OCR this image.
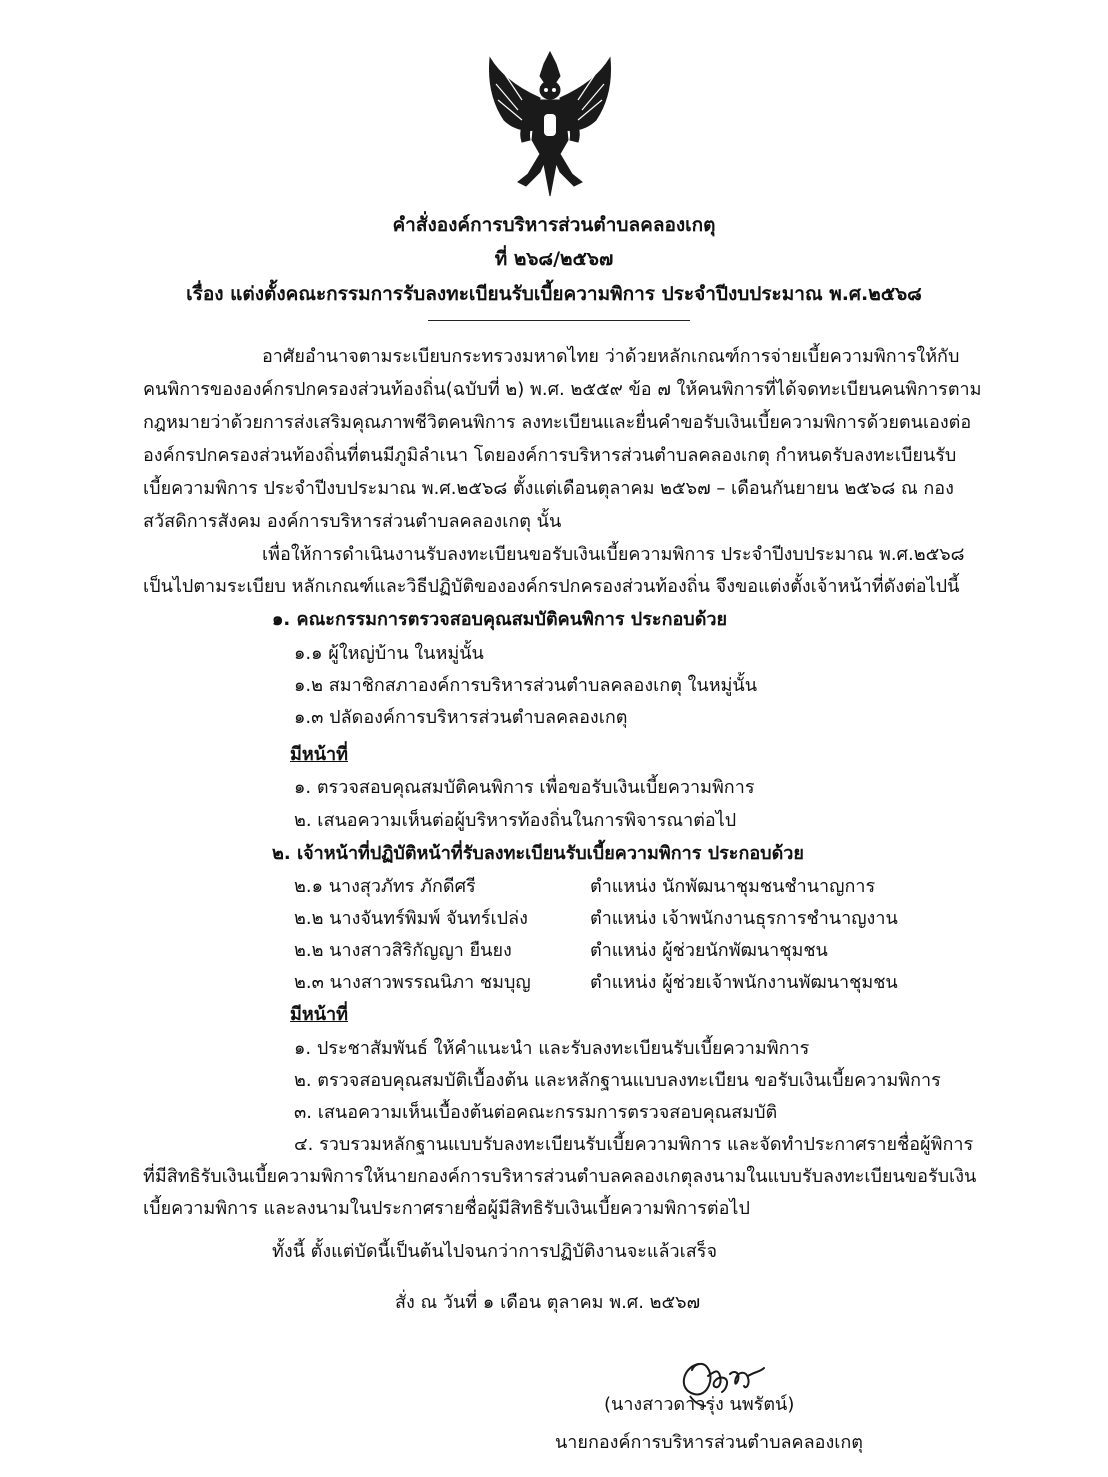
คำสั่งองค์การบริหารส่วนตำบลคลองเกตุ
ที่ ๒๖๘/๒๕๖๗
เรื่อง แต่งตั้งคณะกรรมการรับลงทะเบียนรับเบี้ยความพิการ ประจำปีงบประมาณ พ.ศ.๒๕๖๘
อาศัยอำนาจตามระเบียบกระทรวงมหาดไทย ว่าด้วยหลักเกณฑ์การจ่ายเบี้ยความพิการให้กับ
คนพิการขององค์กรปกครองส่วนท้องถิ่น(ฉบับที่ ๒) พ.ศ. ๒๕๕๙ ข้อ ๗ ให้คนพิการที่ได้จดทะเบียนคนพิการตาม
กฎหมายว่าด้วยการส่งเสริมคุณภาพชีวิตคนพิการ ลงทะเบียนและยื่นคำขอรับเงินเบี้ยความพิการด้วยตนเองต่อ
องค์กรปกครองส่วนท้องถิ่นที่ตนมีภูมิลำเนา โดยองค์การบริหารส่วนตำบลคลองเกตุ กำหนดรับลงทะเบียนรับ
เบี้ยความพิการ ประจำปีงบประมาณ พ.ศ.๒๕๖๘ ตั้งแต่เดือนตุลาคม ๒๕๖๗ – เดือนกันยายน ๒๕๖๘ ณ กอง
สวัสดิการสังคม องค์การบริหารส่วนตำบลคลองเกตุ นั้น
เพื่อให้การดำเนินงานรับลงทะเบียนขอรับเงินเบี้ยความพิการ ประจำปีงบประมาณ พ.ศ.๒๕๖๘
เป็นไปตามระเบียบ หลักเกณฑ์และวิธีปฏิบัติขององค์กรปกครองส่วนท้องถิ่น จึงขอแต่งตั้งเจ้าหน้าที่ดังต่อไปนี้
๑. คณะกรรมการตรวจสอบคุณสมบัติคนพิการ ประกอบด้วย
๑.๑ ผู้ใหญ่บ้าน ในหมู่นั้น
๑.๒ สมาชิกสภาองค์การบริหารส่วนตำบลคลองเกตุ ในหมู่นั้น
๑.๓ ปลัดองค์การบริหารส่วนตำบลคลองเกตุ
มีหน้าที่
๑. ตรวจสอบคุณสมบัติคนพิการ เพื่อขอรับเงินเบี้ยความพิการ
๒. เสนอความเห็นต่อผู้บริหารท้องถิ่นในการพิจารณาต่อไป
๒. เจ้าหน้าที่ปฏิบัติหน้าที่รับลงทะเบียนรับเบี้ยความพิการ ประกอบด้วย
๒.๑ นางสุวภัทร ภักดีศรี	ตำแหน่ง นักพัฒนาชุมชนชำนาญการ
๒.๒ นางจันทร์พิมพ์ จันทร์เปล่ง	ตำแหน่ง เจ้าพนักงานธุรการชำนาญงาน
๒.๒ นางสาวสิริกัญญา ยืนยง	ตำแหน่ง ผู้ช่วยนักพัฒนาชุมชน
๒.๓ นางสาวพรรณนิภา ชมบุญ	ตำแหน่ง ผู้ช่วยเจ้าพนักงานพัฒนาชุมชน
มีหน้าที่
๑. ประชาสัมพันธ์ ให้คำแนะนำ และรับลงทะเบียนรับเบี้ยความพิการ
๒. ตรวจสอบคุณสมบัติเบื้องต้น และหลักฐานแบบลงทะเบียน ขอรับเงินเบี้ยความพิการ
๓. เสนอความเห็นเบื้องต้นต่อคณะกรรมการตรวจสอบคุณสมบัติ
๔. รวบรวมหลักฐานแบบรับลงทะเบียนรับเบี้ยความพิการ และจัดทำประกาศรายชื่อผู้พิการ
ที่มีสิทธิรับเงินเบี้ยความพิการให้นายกองค์การบริหารส่วนตำบลคลองเกตุลงนามในแบบรับลงทะเบียนขอรับเงิน
เบี้ยความพิการ และลงนามในประกาศรายชื่อผู้มีสิทธิรับเงินเบี้ยความพิการต่อไป
ทั้งนี้ ตั้งแต่บัดนี้เป็นต้นไปจนกว่าการปฏิบัติงานจะแล้วเสร็จ
สั่ง ณ วันที่ ๑ เดือน ตุลาคม พ.ศ. ๒๕๖๗
(นางสาวดาวรุ่ง นพรัตน์)
นายกองค์การบริหารส่วนตำบลคลองเกตุ
